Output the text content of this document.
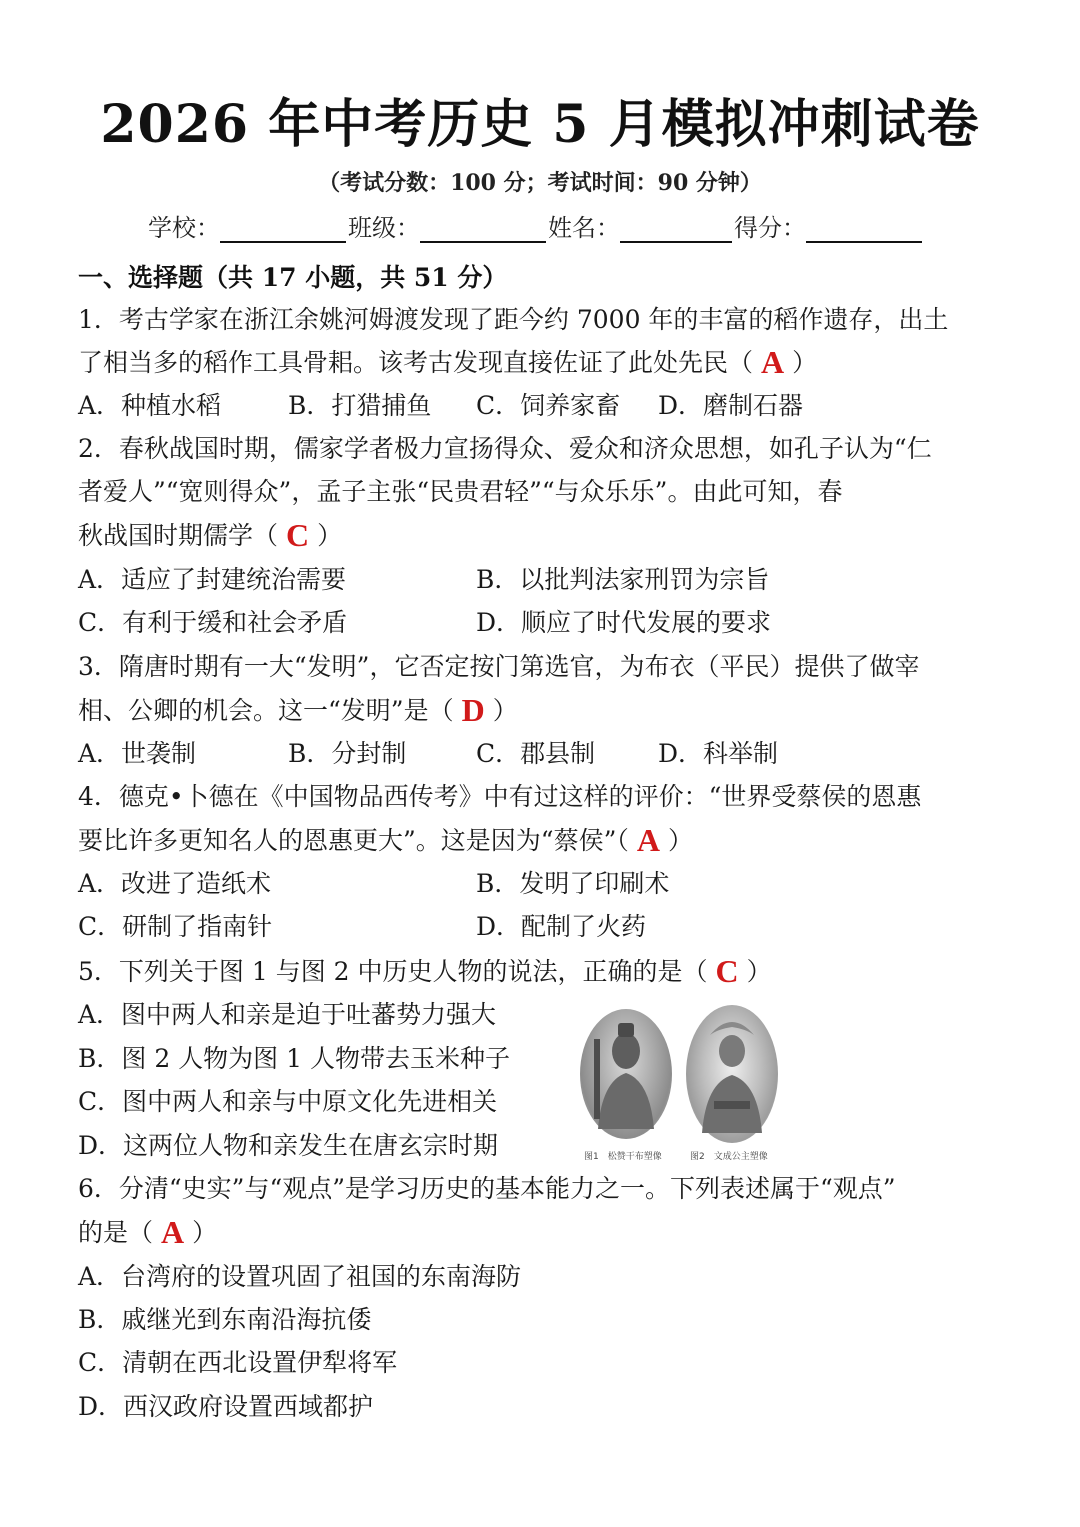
2026 年中考历史 5 月模拟冲刺试卷
（考试分数：100 分；考试时间：90 分钟）
学校：	班级：	姓名：	得分：
一、选择题（共 17 小题，共 51 分）
1．考古学家在浙江余姚河姆渡发现了距今约 7000 年的丰富的稻作遗存，出土
了相当多的稻作工具骨耜。该考古发现直接佐证了此处先民（ A ）
A．种植水稻	B．打猎捕鱼 C．饲养家畜 D．磨制石器
2．春秋战国时期，儒家学者极力宣扬得众、爱众和济众思想，如孔子认为“仁
者爱人”“宽则得众”，孟子主张“民贵君轻”“与众乐乐”。由此可知，春
秋战国时期儒学（ C ）
A．适应了封建统治需要	B．以批判法家刑罚为宗旨
C．有利于缓和社会矛盾	D．顺应了时代发展的要求
3．隋唐时期有一大“发明”，它否定按门第选官，为布衣（平民）提供了做宰
相、公卿的机会。这一“发明”是（ D ）
A．世袭制	B．分封制	C．郡县制	D．科举制
4．德克•卜德在《中国物品西传考》中有过这样的评价：“世界受蔡侯的恩惠
要比许多更知名人的恩惠更大”。这是因为“蔡侯”（ A ）
A．改进了造纸术	B．发明了印刷术
C．研制了指南针	D．配制了火药
5．下列关于图 1 与图 2 中历史人物的说法，正确的是（ C ）
A．图中两人和亲是迫于吐蕃势力强大
B．图 2 人物为图 1 人物带去玉米种子
C．图中两人和亲与中原文化先进相关
D．这两位人物和亲发生在唐玄宗时期	图1　松赞干布塑像	图2　文成公主塑像
6．分清“史实”与“观点”是学习历史的基本能力之一。下列表述属于“观点”
的是（ A ）
A．台湾府的设置巩固了祖国的东南海防
B．戚继光到东南沿海抗倭
C．清朝在西北设置伊犁将军
D．西汉政府设置西域都护
